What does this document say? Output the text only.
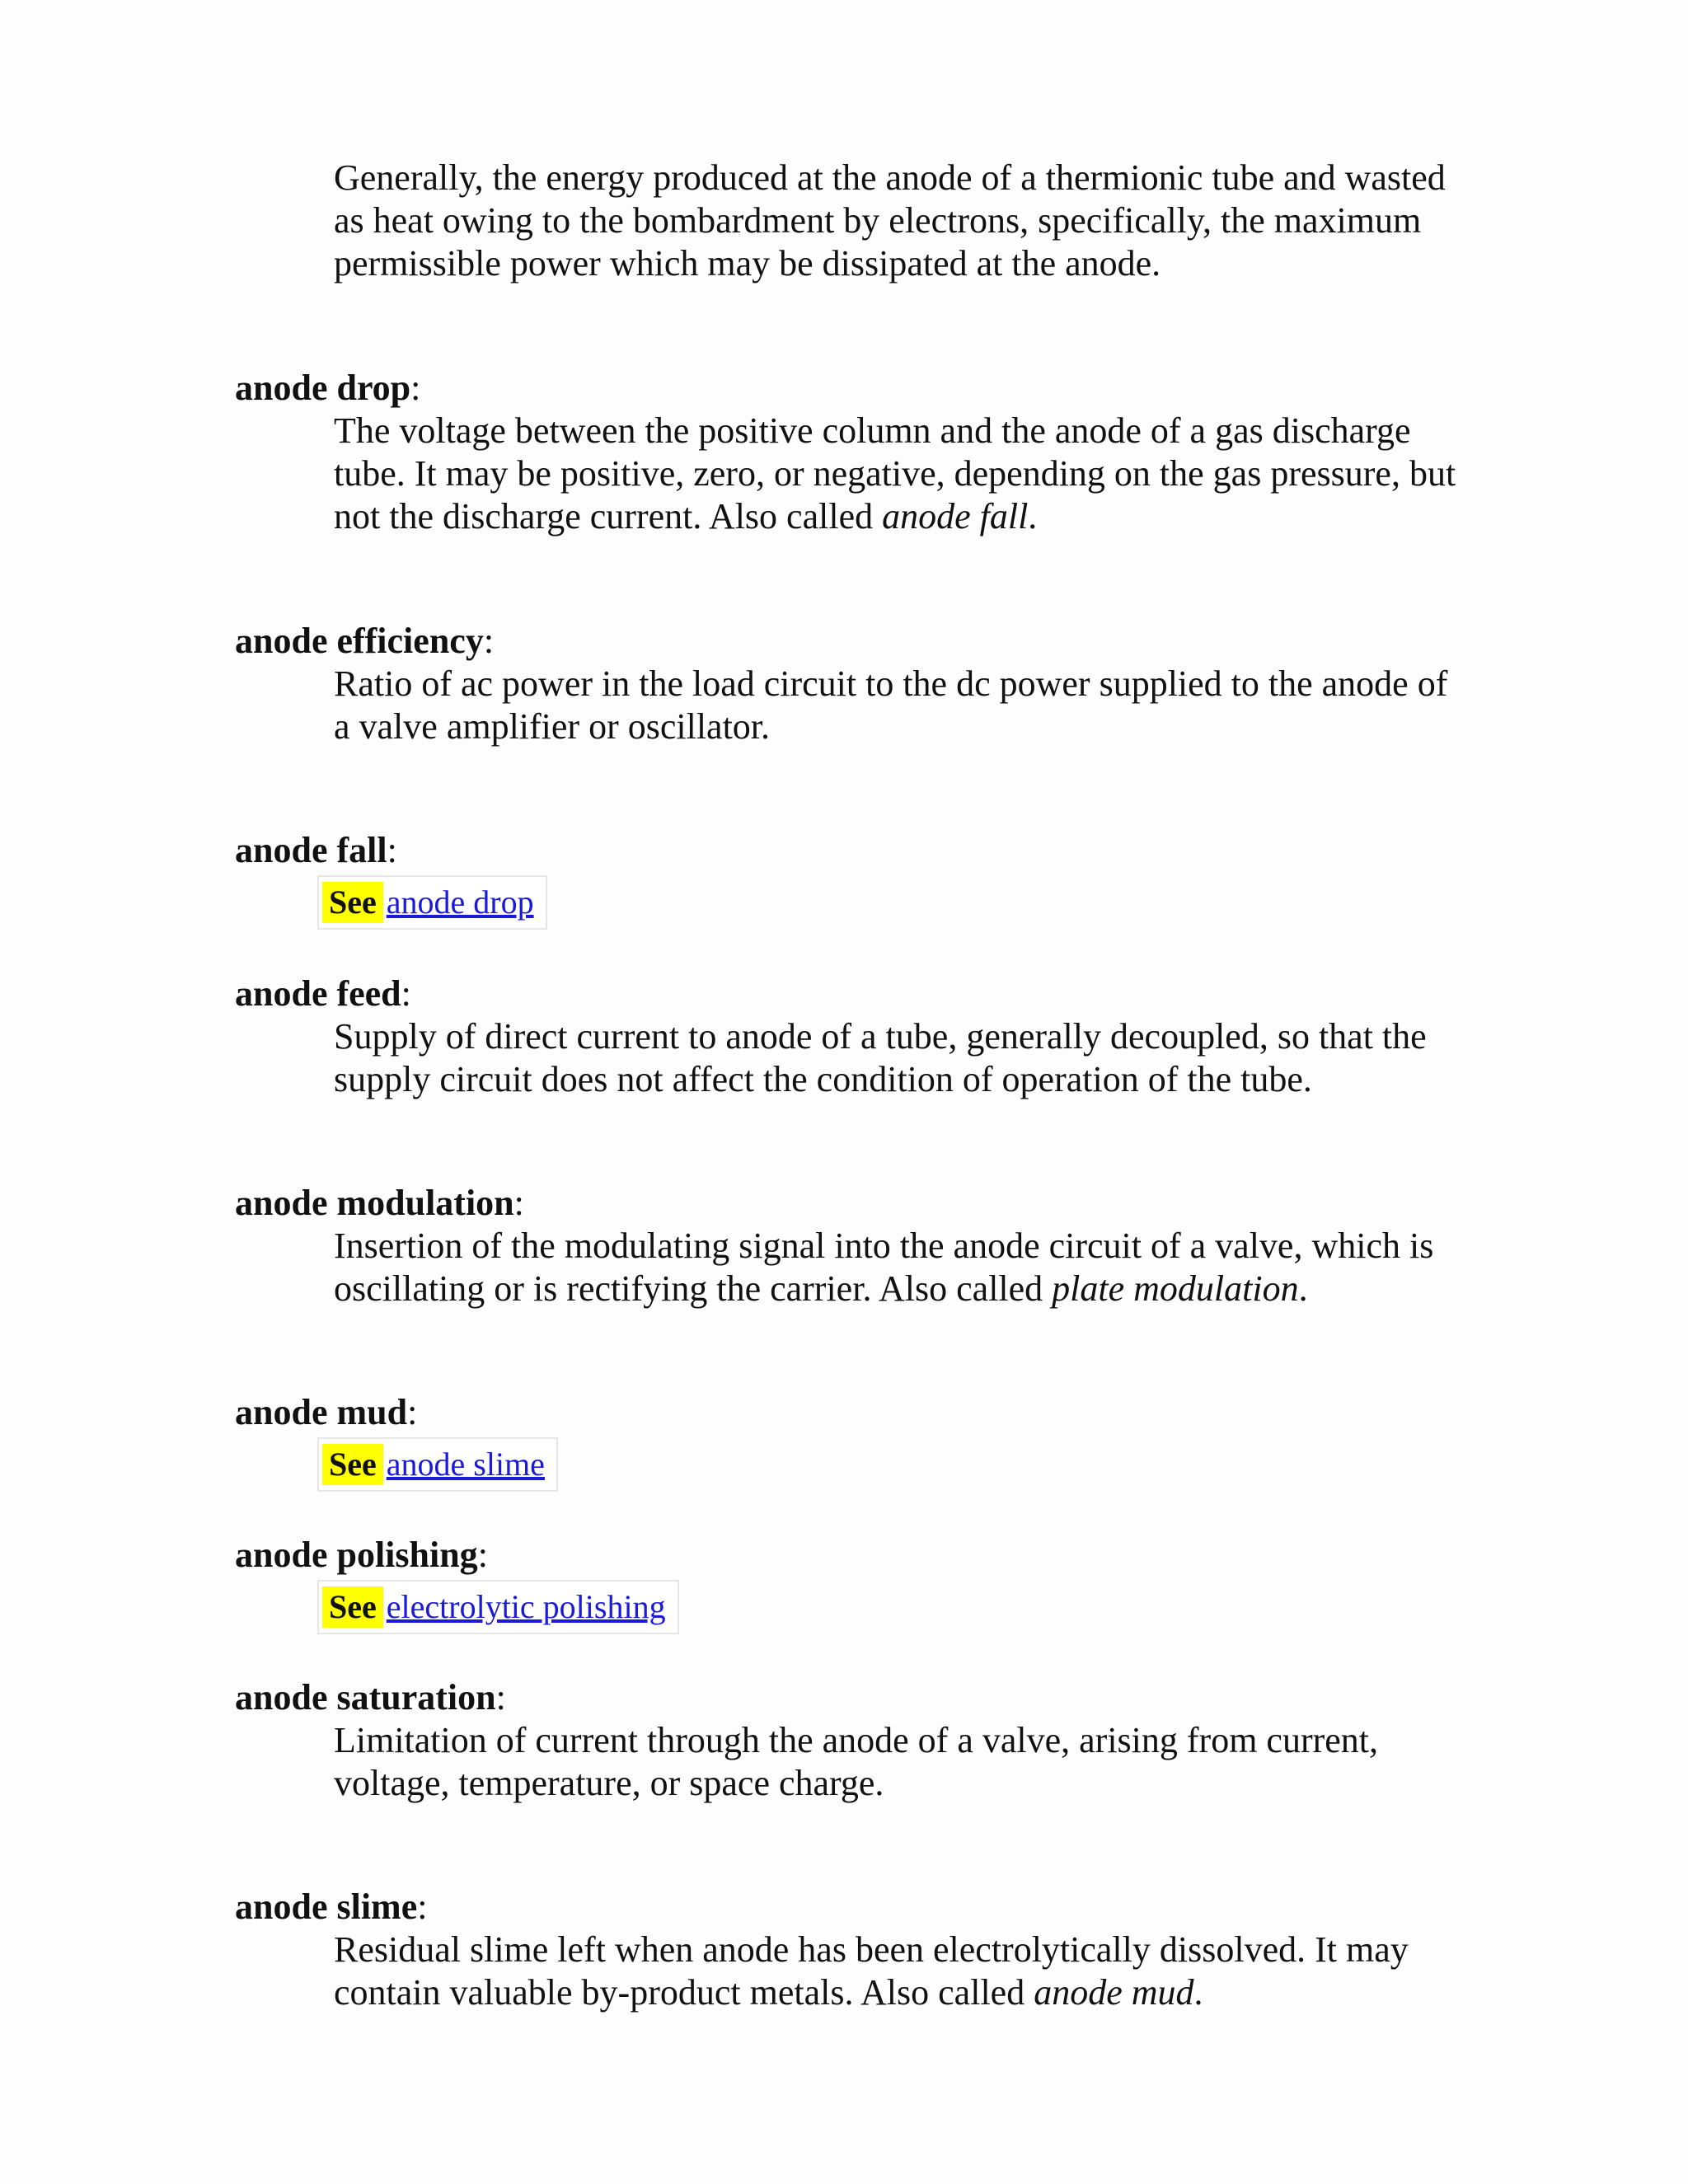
Generally, the energy produced at the anode of a thermionic tube and wasted as heat owing to the bombardment by electrons, specifically, the maximum permissible power which may be dissipated at the anode.

anode drop:

The voltage between the positive column and the anode of a gas discharge tube. It may be positive, zero, or negative, depending on the gas pressure, but not the discharge current. Also called anode fall.

anode efficiency:

Ratio of ac power in the load circuit to the dc power supplied to the anode of a valve amplifier or oscillator.

anode fall:

See anode drop

anode feed:

Supply of direct current to anode of a tube, generally decoupled, so that the supply circuit does not affect the condition of operation of the tube.

anode modulation:

Insertion of the modulating signal into the anode circuit of a valve, which is oscillating or is rectifying the carrier. Also called plate modulation.

anode mud:

See anode slime

anode polishing:

See electrolytic polishing

anode saturation:

Limitation of current through the anode of a valve, arising from current, voltage, temperature, or space charge.

anode slime:

Residual slime left when anode has been electrolytically dissolved. It may contain valuable by-product metals. Also called anode mud.
